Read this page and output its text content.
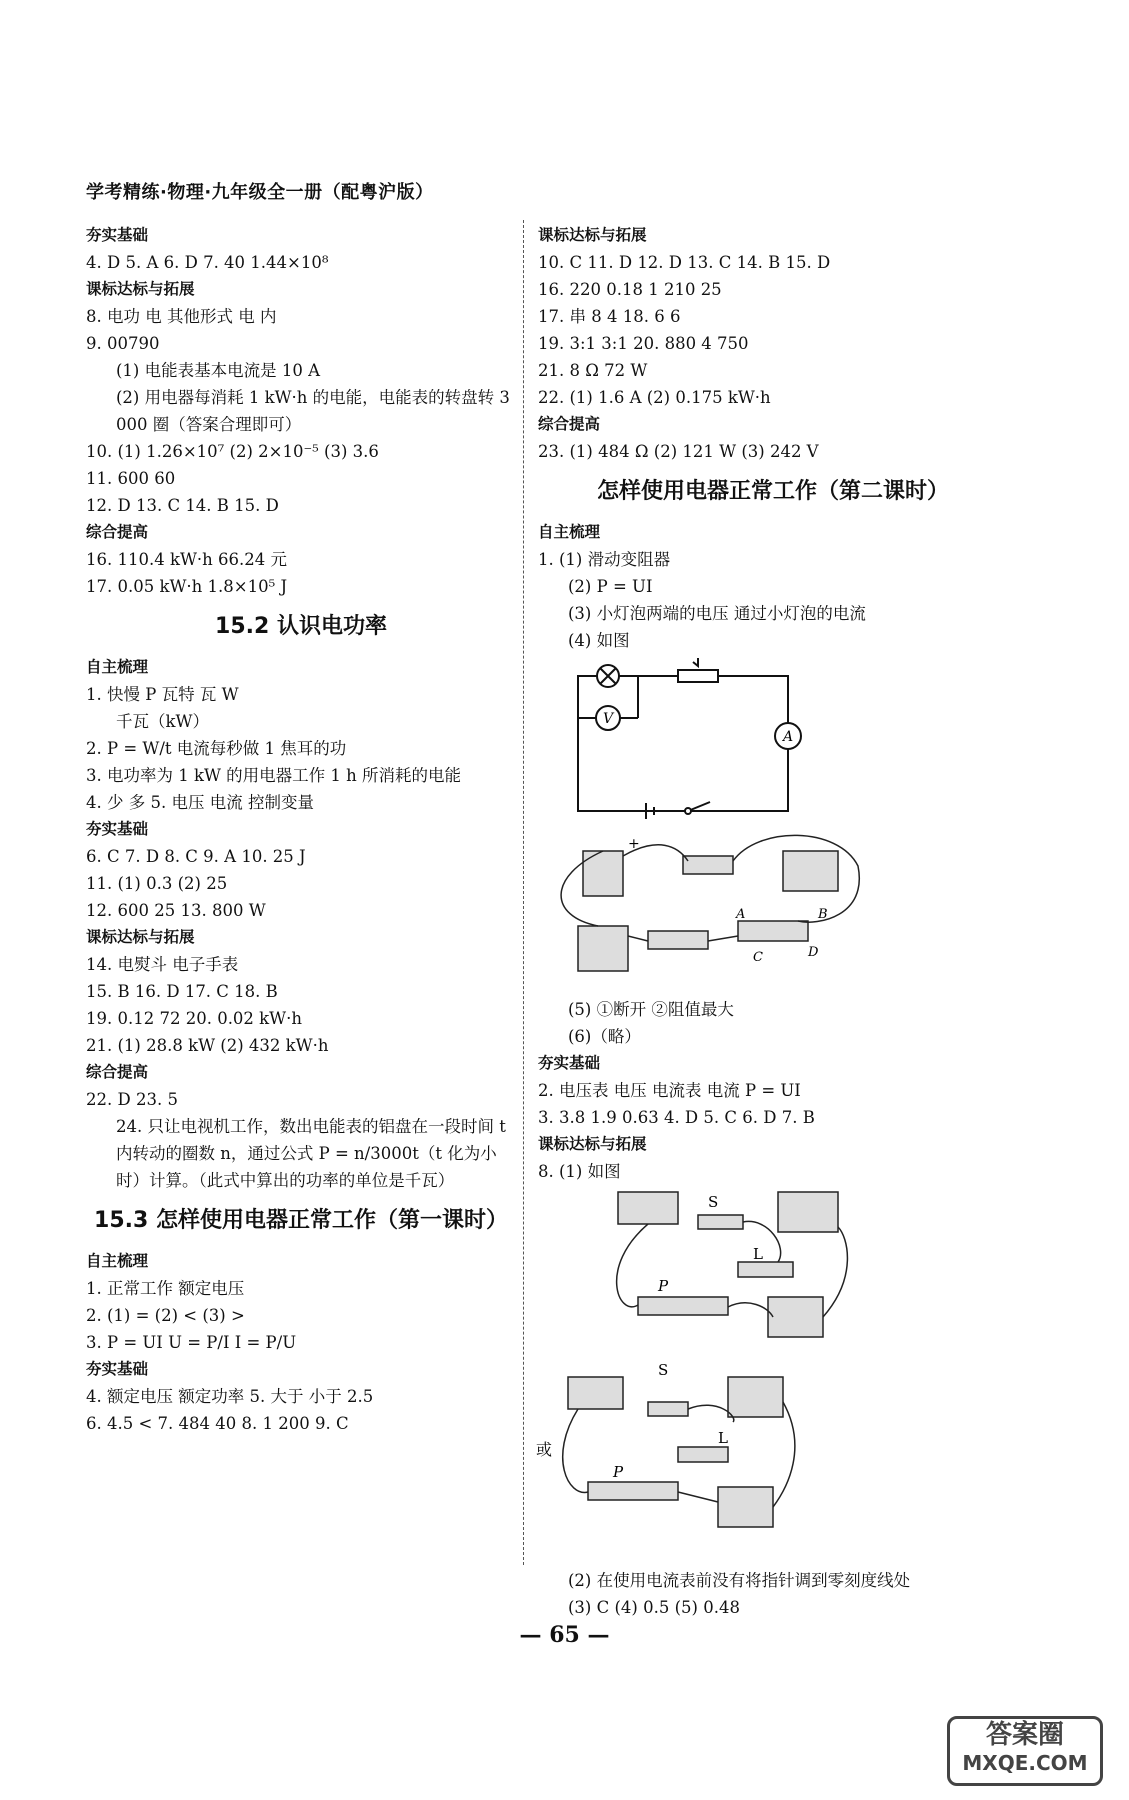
学考精练·物理·九年级全一册（配粤沪版）
夯实基础
4. D 5. A 6. D 7. 40 1.44×10⁸
课标达标与拓展
8. 电功 电 其他形式 电 内
9. 00790
(1) 电能表基本电流是 10 A
(2) 用电器每消耗 1 kW·h 的电能，电能表的转盘转 3 000 圈（答案合理即可）
10. (1) 1.26×10⁷ (2) 2×10⁻⁵ (3) 3.6
11. 600 60
12. D 13. C 14. B 15. D
综合提高
16. 110.4 kW·h 66.24 元
17. 0.05 kW·h 1.8×10⁵ J
15.2 认识电功率
自主梳理
1. 快慢 P 瓦特 瓦 W
千瓦（kW）
2. P = W/t 电流每秒做 1 焦耳的功
3. 电功率为 1 kW 的用电器工作 1 h 所消耗的电能
4. 少 多 5. 电压 电流 控制变量
夯实基础
6. C 7. D 8. C 9. A 10. 25 J
11. (1) 0.3 (2) 25
12. 600 25 13. 800 W
课标达标与拓展
14. 电熨斗 电子手表
15. B 16. D 17. C 18. B
19. 0.12 72 20. 0.02 kW·h
21. (1) 28.8 kW (2) 432 kW·h
综合提高
22. D 23. 5
24. 只让电视机工作，数出电能表的铝盘在一段时间 t 内转动的圈数 n，通过公式 P = n/3000t（t 化为小时）计算。（此式中算出的功率的单位是千瓦）
15.3 怎样使用电器正常工作（第一课时）
自主梳理
1. 正常工作 额定电压
2. (1) = (2) < (3) >
3. P = UI U = P/I I = P/U
夯实基础
4. 额定电压 额定功率 5. 大于 小于 2.5
6. 4.5 < 7. 484 40 8. 1 200 9. C
课标达标与拓展
10. C 11. D 12. D 13. C 14. B 15. D
16. 220 0.18 1 210 25
17. 串 8 4 18. 6 6
19. 3:1 3:1 20. 880 4 750
21. 8 Ω 72 W
22. (1) 1.6 A (2) 0.175 kW·h
综合提高
23. (1) 484 Ω (2) 121 W (3) 242 V
怎样使用电器正常工作（第二课时）
自主梳理
1. (1) 滑动变阻器
(2) P = UI
(3) 小灯泡两端的电压 通过小灯泡的电流
(4) 如图
V
A
+
A	B
C	D
(5) ①断开 ②阻值最大
(6)（略）
夯实基础
2. 电压表 电压 电流表 电流 P = UI
3. 3.8 1.9 0.63 4. D 5. C 6. D 7. B
课标达标与拓展
8. (1) 如图
S
L
P
S
L
P
或
(2) 在使用电流表前没有将指针调到零刻度线处
(3) C (4) 0.5 (5) 0.48
— 65 —
答案圈
MXQE.COM
